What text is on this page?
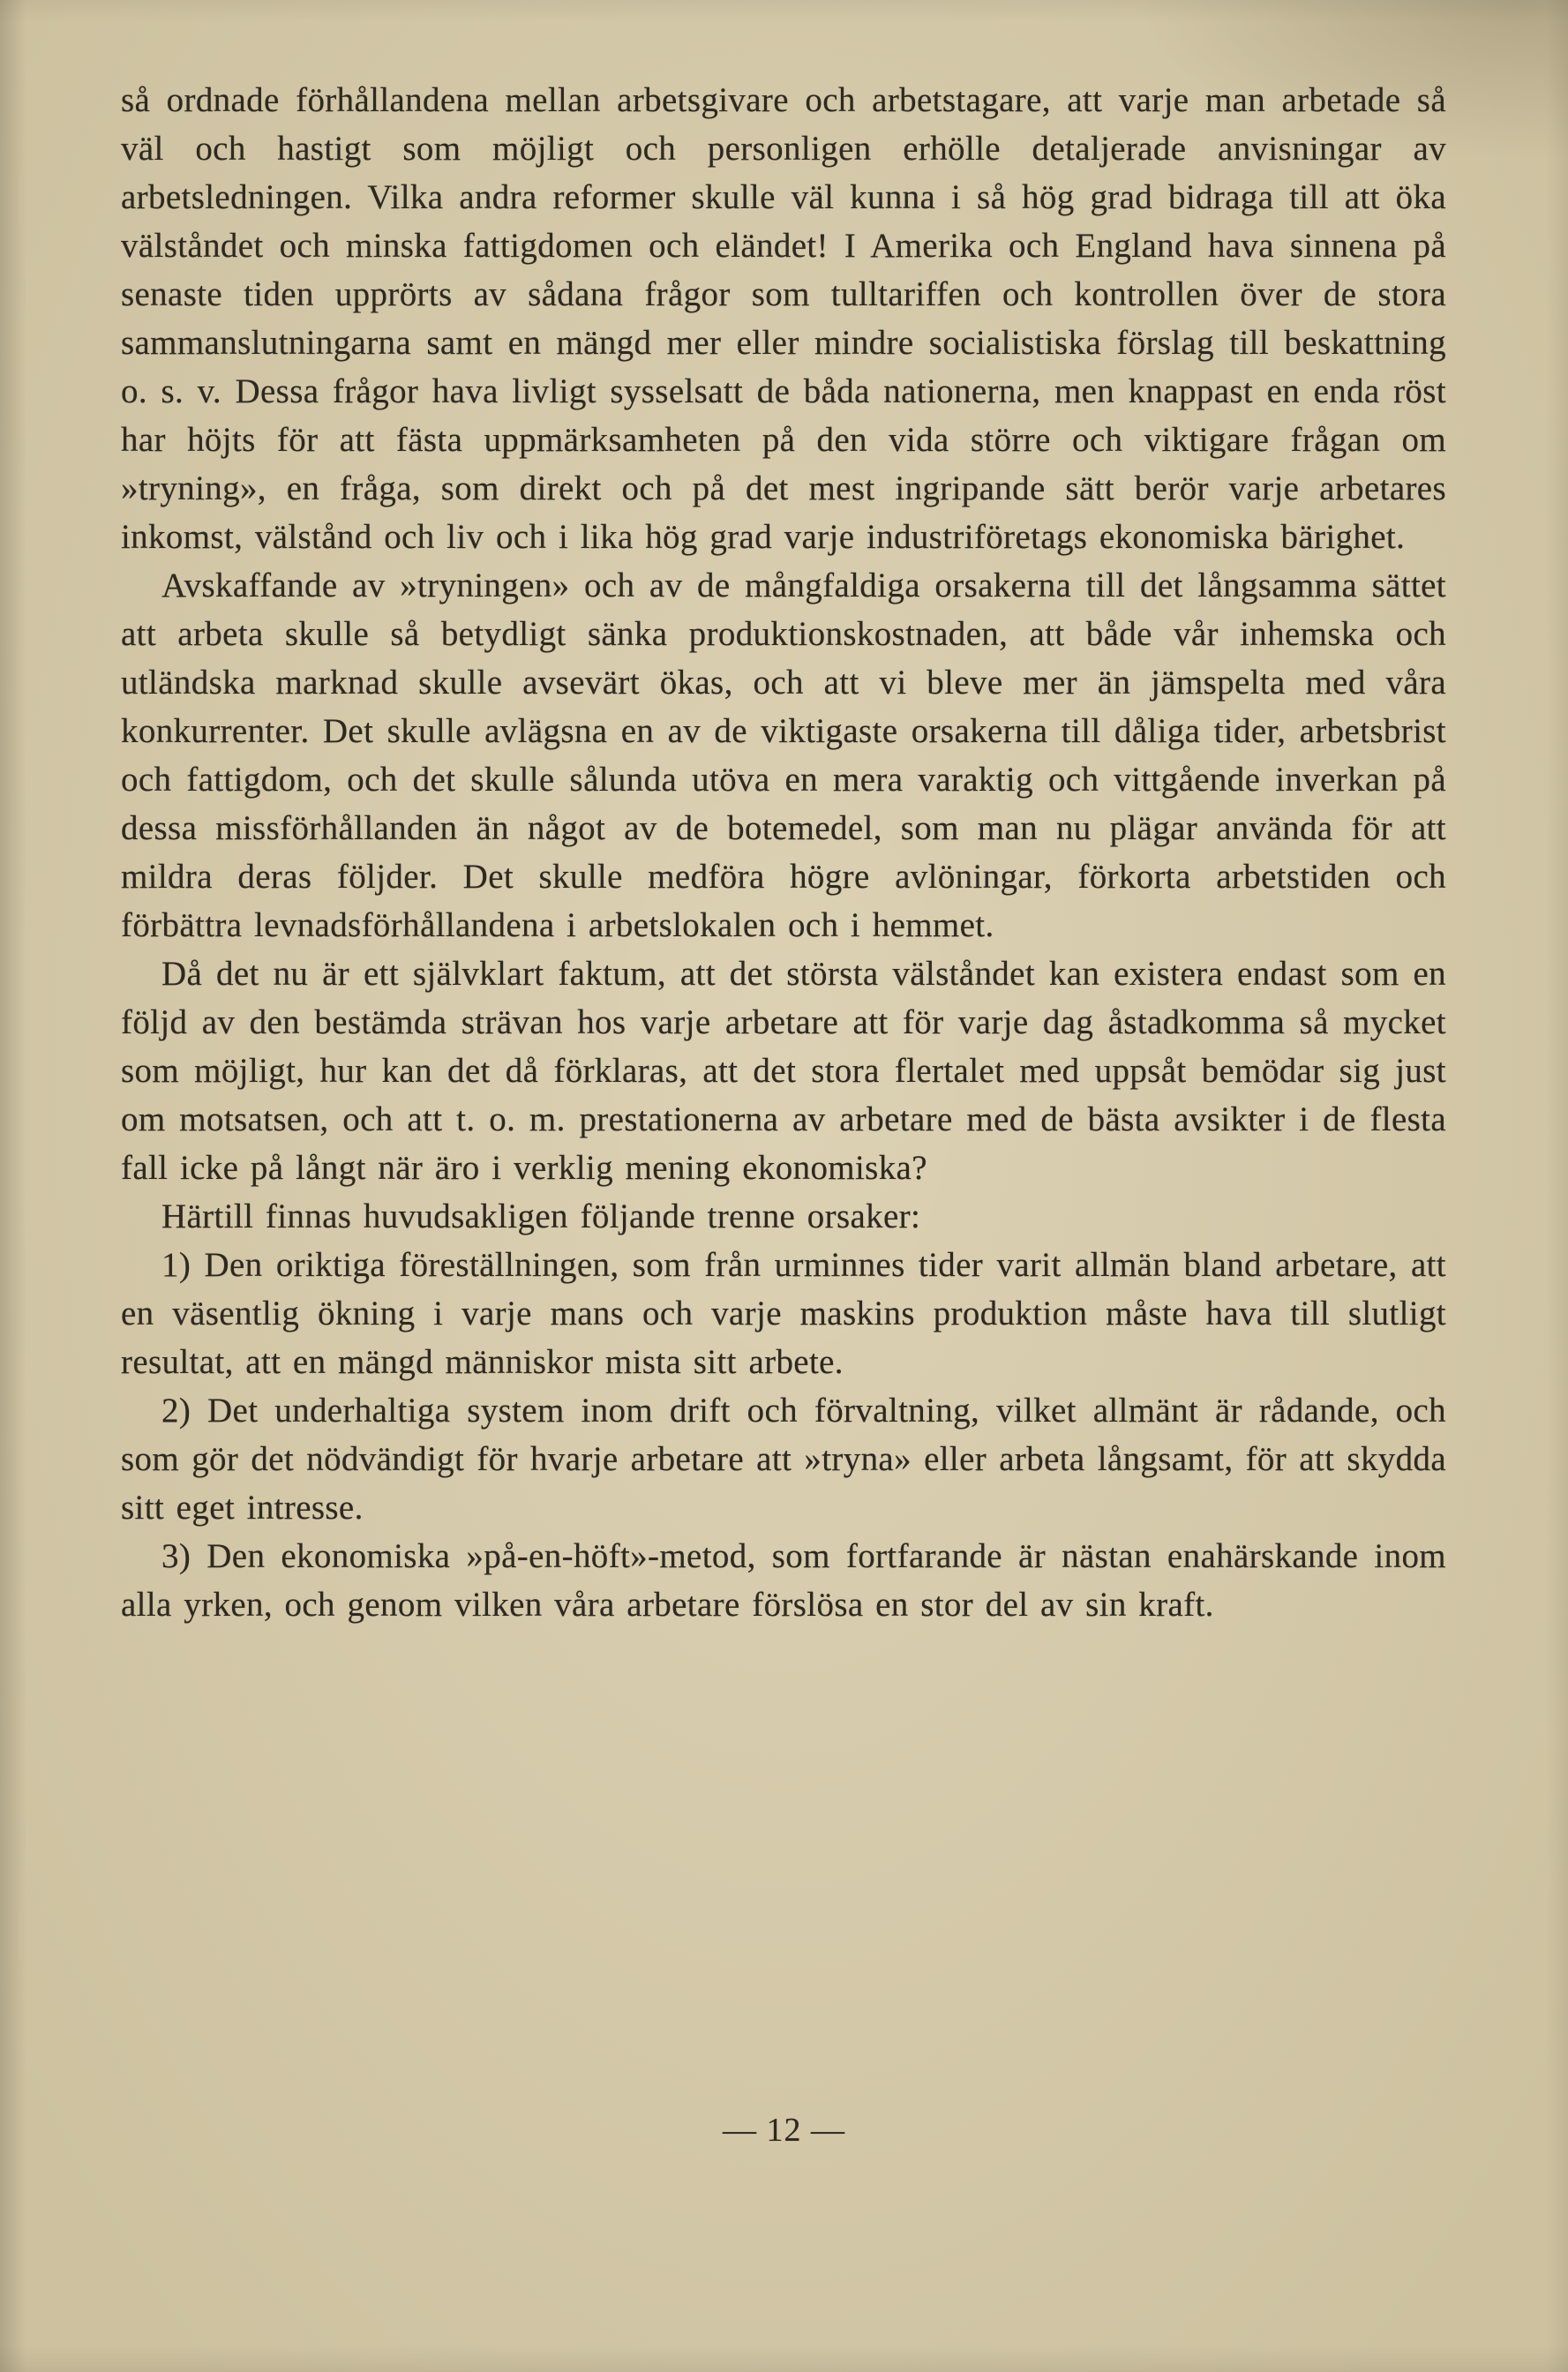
så ordnade förhållandena mellan arbetsgivare och arbetstagare, att varje man arbetade så väl och hastigt som möjligt och personligen erhölle detaljerade anvisningar av arbetsledningen. Vilka andra reformer skulle väl kunna i så hög grad bidraga till att öka välståndet och minska fattigdomen och eländet! I Amerika och England hava sinnena på senaste tiden upprörts av sådana frågor som tulltariffen och kontrollen över de stora sammanslutningarna samt en mängd mer eller mindre socialistiska förslag till beskattning o. s. v. Dessa frågor hava livligt sysselsatt de båda nationerna, men knappast en enda röst har höjts för att fästa uppmärksamheten på den vida större och viktigare frågan om »tryning», en fråga, som direkt och på det mest ingripande sätt berör varje arbetares inkomst, välstånd och liv och i lika hög grad varje industriföretags ekonomiska bärighet.

Avskaffande av »tryningen» och av de mångfaldiga orsakerna till det långsamma sättet att arbeta skulle så betydligt sänka produktionskostnaden, att både vår inhemska och utländska marknad skulle avsevärt ökas, och att vi bleve mer än jämspelta med våra konkurrenter. Det skulle avlägsna en av de viktigaste orsakerna till dåliga tider, arbetsbrist och fattigdom, och det skulle sålunda utöva en mera varaktig och vittgående inverkan på dessa missförhållanden än något av de botemedel, som man nu plägar använda för att mildra deras följder. Det skulle medföra högre avlöningar, förkorta arbetstiden och förbättra levnadsförhållandena i arbetslokalen och i hemmet.

Då det nu är ett självklart faktum, att det största välståndet kan existera endast som en följd av den bestämda strävan hos varje arbetare att för varje dag åstadkomma så mycket som möjligt, hur kan det då förklaras, att det stora flertalet med uppsåt bemödar sig just om motsatsen, och att t. o. m. prestationerna av arbetare med de bästa avsikter i de flesta fall icke på långt när äro i verklig mening ekonomiska?

Härtill finnas huvudsakligen följande trenne orsaker:

1) Den oriktiga föreställningen, som från urminnes tider varit allmän bland arbetare, att en väsentlig ökning i varje mans och varje maskins produktion måste hava till slutligt resultat, att en mängd människor mista sitt arbete.

2) Det underhaltiga system inom drift och förvaltning, vilket allmänt är rådande, och som gör det nödvändigt för hvarje arbetare att »tryna» eller arbeta långsamt, för att skydda sitt eget intresse.

3) Den ekonomiska »på-en-höft»-metod, som fortfarande är nästan enahärskande inom alla yrken, och genom vilken våra arbetare förslösa en stor del av sin kraft.

— 12 —
